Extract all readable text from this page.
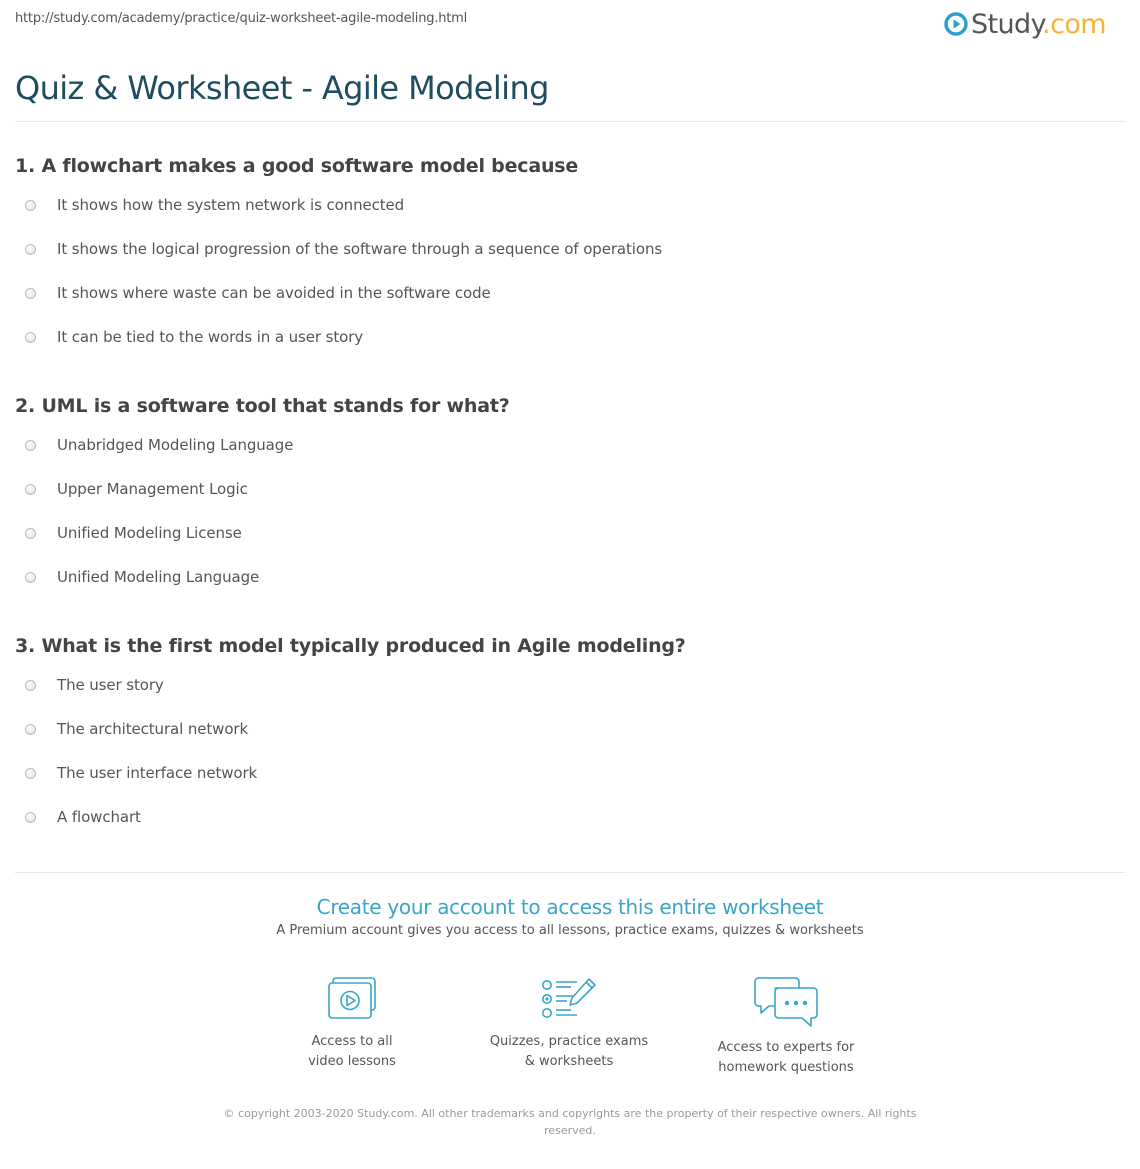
http://study.com/academy/practice/quiz-worksheet-agile-modeling.html	Study.com
Quiz & Worksheet - Agile Modeling
1. A flowchart makes a good software model because
It shows how the system network is connected
It shows the logical progression of the software through a sequence of operations
It shows where waste can be avoided in the software code
It can be tied to the words in a user story
2. UML is a software tool that stands for what?
Unabridged Modeling Language
Upper Management Logic
Unified Modeling License
Unified Modeling Language
3. What is the first model typically produced in Agile modeling?
The user story
The architectural network
The user interface network
A flowchart
Create your account to access this entire worksheet
A Premium account gives you access to all lessons, practice exams, quizzes & worksheets
Access to all
video lessons
Quizzes, practice exams
& worksheets
Access to experts for
homework questions
© copyright 2003-2020 Study.com. All other trademarks and copyrights are the property of their respective owners. All rights
reserved.
